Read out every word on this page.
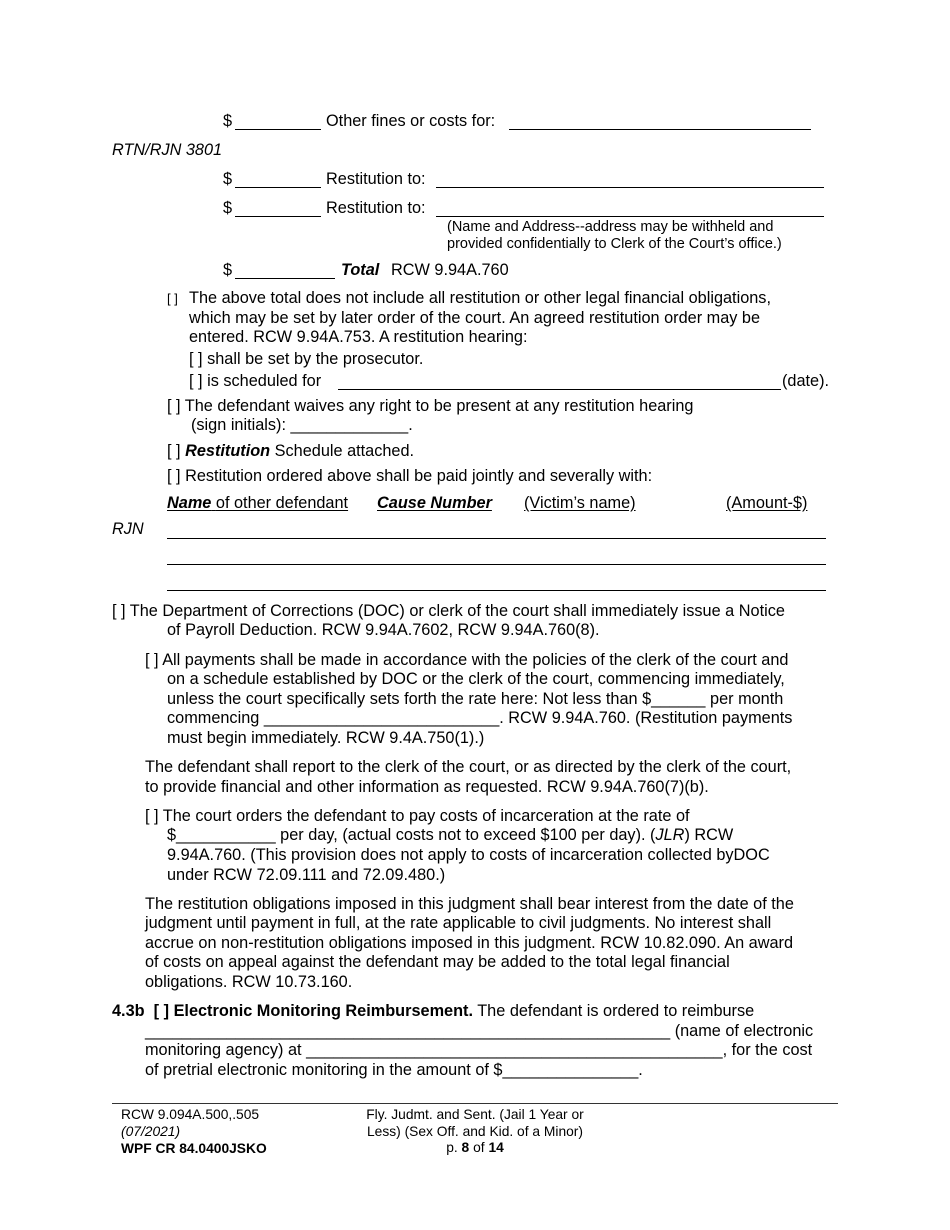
$	Other fines or costs for:
RTN/RJN 3801
$	Restitution to:
$	Restitution to:
(Name and Address--address may be withheld and
provided confidentially to Clerk of the Court’s office.)
$	Total RCW 9.94A.760
[ ] The above total does not include all restitution or other legal financial obligations,
which may be set by later order of the court. An agreed restitution order may be
entered. RCW 9.94A.753. A restitution hearing:
[ ] shall be set by the prosecutor.
[ ] is scheduled for	(date).
[ ] The defendant waives any right to be present at any restitution hearing
(sign initials): _____________.
[ ] Restitution Schedule attached.
[ ] Restitution ordered above shall be paid jointly and severally with:
Name of other defendant Cause Number (Victim’s name)	(Amount-$)
RJN
[ ] The Department of Corrections (DOC) or clerk of the court shall immediately issue a Notice
of Payroll Deduction. RCW 9.94A.7602, RCW 9.94A.760(8).
[ ] All payments shall be made in accordance with the policies of the clerk of the court and
on a schedule established by DOC or the clerk of the court, commencing immediately,
unless the court specifically sets forth the rate here: Not less than $______ per month
commencing __________________________. RCW 9.94A.760. (Restitution payments
must begin immediately. RCW 9.4A.750(1).)
The defendant shall report to the clerk of the court, or as directed by the clerk of the court,
to provide financial and other information as requested. RCW 9.94A.760(7)(b).
[ ] The court orders the defendant to pay costs of incarceration at the rate of
$___________ per day, (actual costs not to exceed $100 per day). (JLR) RCW
9.94A.760. (This provision does not apply to costs of incarceration collected byDOC
under RCW 72.09.111 and 72.09.480.)
The restitution obligations imposed in this judgment shall bear interest from the date of the
judgment until payment in full, at the rate applicable to civil judgments. No interest shall
accrue on non-restitution obligations imposed in this judgment. RCW 10.82.090. An award
of costs on appeal against the defendant may be added to the total legal financial
obligations. RCW 10.73.160.
4.3b [ ] Electronic Monitoring Reimbursement. The defendant is ordered to reimburse
__________________________________________________________ (name of electronic
monitoring agency) at ______________________________________________, for the cost
of pretrial electronic monitoring in the amount of $_______________.
RCW 9.094A.500,.505
(07/2021)
WPF CR 84.0400JSKO
Fly. Judmt. and Sent. (Jail 1 Year or
Less) (Sex Off. and Kid. of a Minor)
p. 8 of 14
